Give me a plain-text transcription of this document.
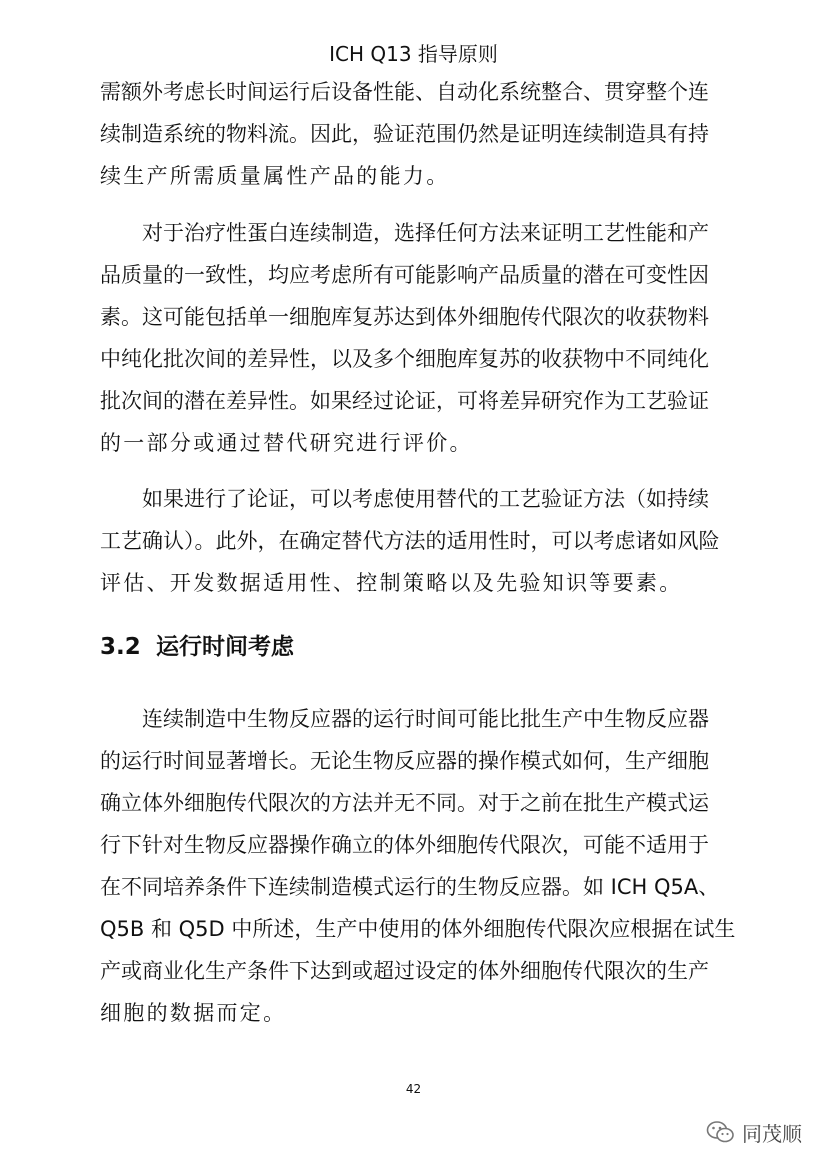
ICH Q13 指导原则
需额外考虑长时间运行后设备性能、自动化系统整合、贯穿整个连
续制造系统的物料流。因此，验证范围仍然是证明连续制造具有持
续生产所需质量属性产品的能力。
　　对于治疗性蛋白连续制造，选择任何方法来证明工艺性能和产
品质量的一致性，均应考虑所有可能影响产品质量的潜在可变性因
素。这可能包括单一细胞库复苏达到体外细胞传代限次的收获物料
中纯化批次间的差异性，以及多个细胞库复苏的收获物中不同纯化
批次间的潜在差异性。如果经过论证，可将差异研究作为工艺验证
的一部分或通过替代研究进行评价。
　　如果进行了论证，可以考虑使用替代的工艺验证方法（如持续
工艺确认）。此外，在确定替代方法的适用性时，可以考虑诸如风险
评估、开发数据适用性、控制策略以及先验知识等要素。
3.2 运行时间考虑
　　连续制造中生物反应器的运行时间可能比批生产中生物反应器
的运行时间显著增长。无论生物反应器的操作模式如何，生产细胞
确立体外细胞传代限次的方法并无不同。对于之前在批生产模式运
行下针对生物反应器操作确立的体外细胞传代限次，可能不适用于
在不同培养条件下连续制造模式运行的生物反应器。如 ICH Q5A、
Q5B 和 Q5D 中所述，生产中使用的体外细胞传代限次应根据在试生
产或商业化生产条件下达到或超过设定的体外细胞传代限次的生产
细胞的数据而定。
42
同茂顺
